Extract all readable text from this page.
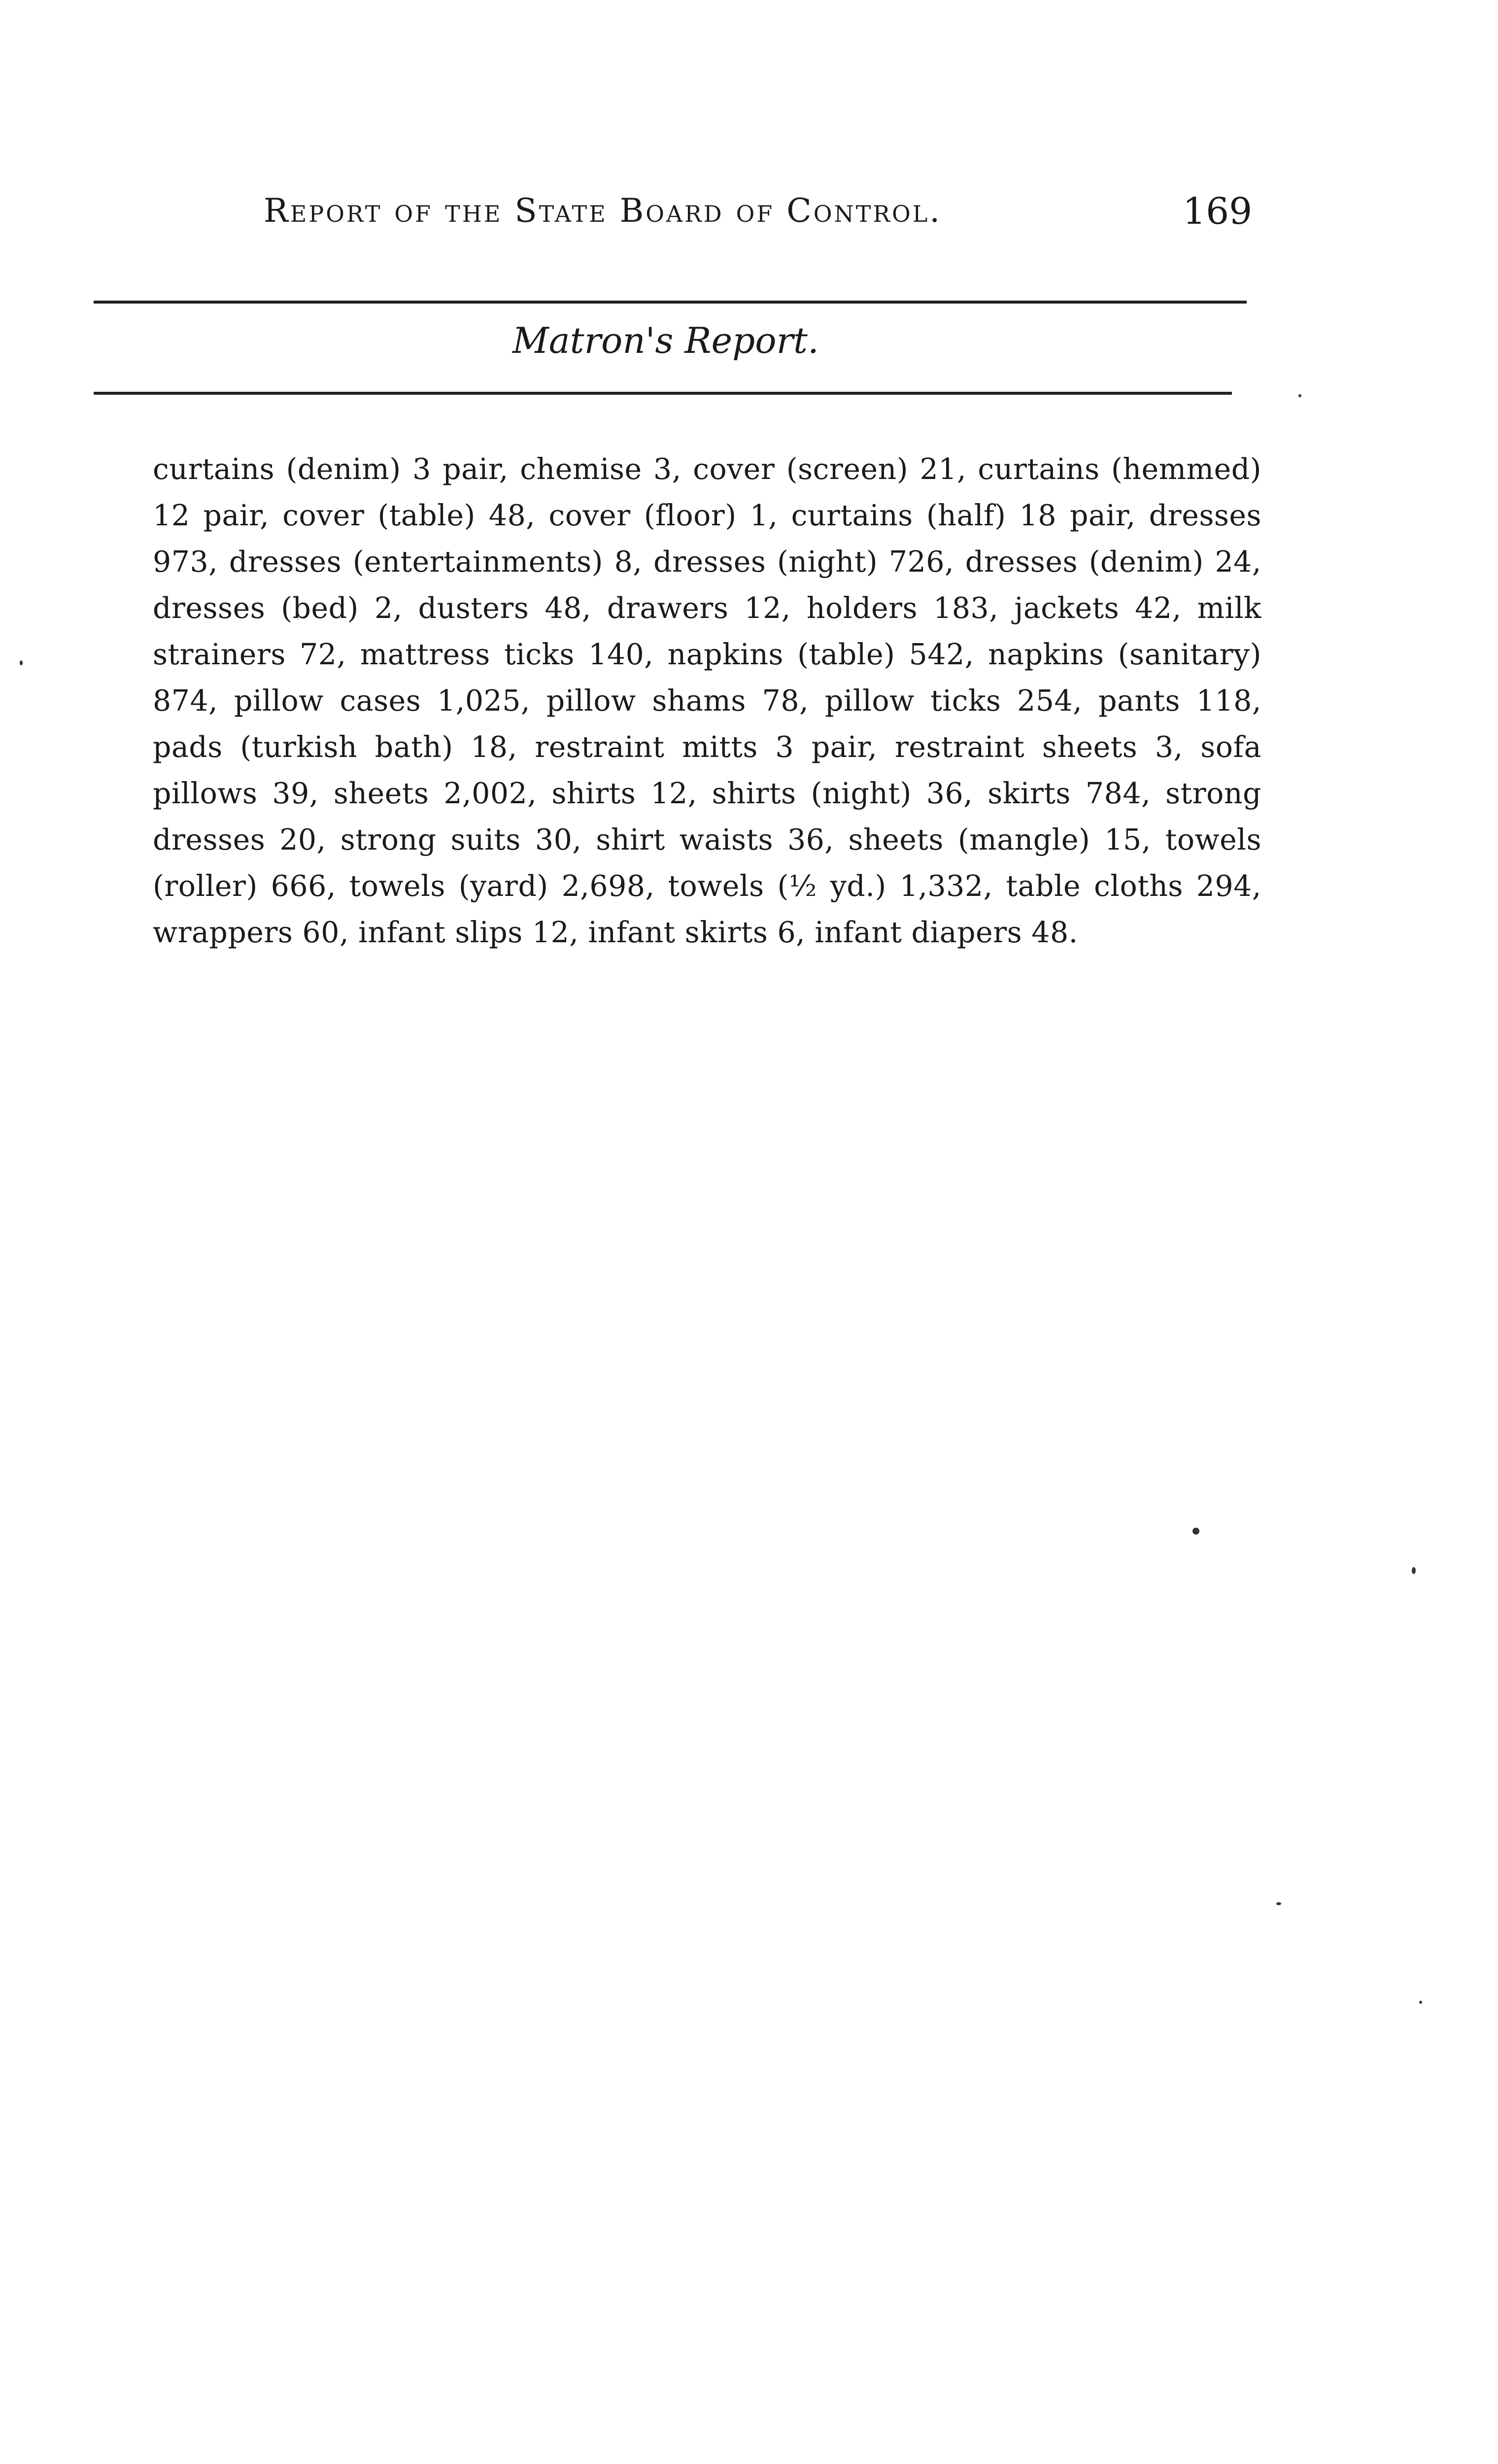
Report of the State Board of Control.	169
Matron's Report.
curtains (denim) 3 pair, chemise 3, cover (screen) 21, curtains (hemmed) 12 pair, cover (table) 48, cover (floor) 1, curtains (half) 18 pair, dresses 973, dresses (entertainments) 8, dresses (night) 726, dresses (denim) 24, dresses (bed) 2, dusters 48, drawers 12, holders 183, jackets 42, milk strainers 72, mattress ticks 140, napkins (table) 542, napkins (sanitary) 874, pillow cases 1,025, pillow shams 78, pillow ticks 254, pants 118, pads (turkish bath) 18, restraint mitts 3 pair, restraint sheets 3, sofa pillows 39, sheets 2,002, shirts 12, shirts (night) 36, skirts 784, strong dresses 20, strong suits 30, shirt waists 36, sheets (mangle) 15, towels (roller) 666, towels (yard) 2,698, towels (½ yd.) 1,332, table cloths 294, wrappers 60, infant slips 12, infant skirts 6, infant diapers 48.
